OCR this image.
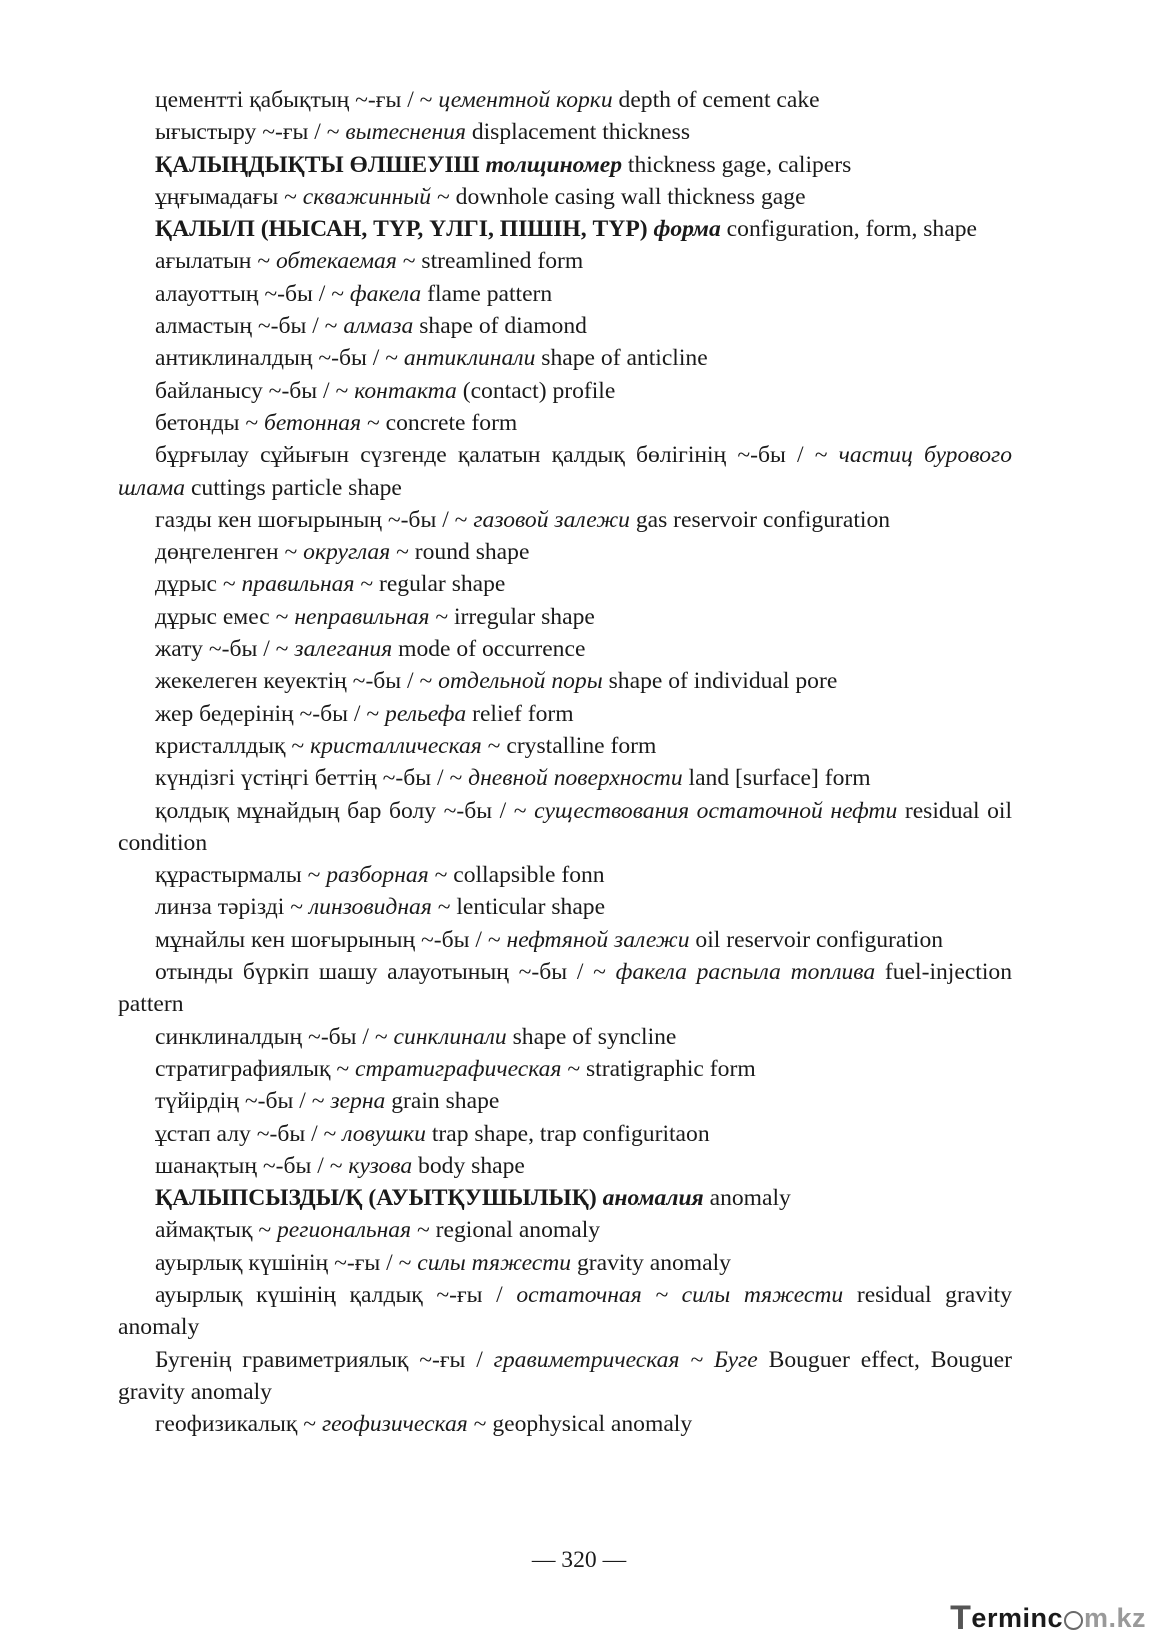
цементті қабықтың ~-ғы / ~ цементной корки depth of cement cake
ығыстыру ~-ғы / ~ вытеснения displacement thickness
ҚАЛЫҢДЫҚТЫ ӨЛШЕУІШ толщиномер thickness gage, calipers
ұңғымадағы ~ скважинный ~ downhole casing wall thickness gage
ҚАЛЫ/П (НЫСАН, ТҮР, ҮЛГІ, ПІШІН, ТҮР) форма configuration, form, shape
ағылатын ~ обтекаемая ~ streamlined form
алауоттың ~-бы / ~ факела flame pattern
алмастың ~-бы / ~ алмаза shape of diamond
антиклиналдың ~-бы / ~ антиклинали shape of anticline
байланысу ~-бы / ~ контакта (contact) profile
бетонды ~ бетонная ~ concrete form
бұрғылау сұйығын сүзгенде қалатын қалдық бөлігінің ~-бы / ~ частиц бурового шлама cuttings particle shape
газды кен шоғырының ~-бы / ~ газовой залежи gas reservoir configuration
дөңгеленген ~ округлая ~ round shape
дұрыс ~ правильная ~ regular shape
дұрыс емес ~ неправильная ~ irregular shape
жату ~-бы / ~ залегания mode of occurrence
жекелеген кеуектің ~-бы / ~ отдельной поры shape of individual pore
жер бедерінің ~-бы / ~ рельефа relief form
кристаллдық ~ кристаллическая ~ crystalline form
күндізгі үстіңгі беттің ~-бы / ~ дневной поверхности land [surface] form
қолдық мұнайдың бар болу ~-бы / ~ существования остаточной нефти residual oil condition
құрастырмалы ~ разборная ~ collapsible fonn
линза тәрізді ~ линзовидная ~ lenticular shape
мұнайлы кен шоғырының ~-бы / ~ нефтяной залежи oil reservoir configuration
отынды бүркіп шашу алауотының ~-бы / ~ факела распыла топлива fuel-injection pattern
синклиналдың ~-бы / ~ синклинали shape of syncline
стратиграфиялық ~ стратиграфическая ~ stratigraphic form
түйірдің ~-бы / ~ зерна grain shape
ұстап алу ~-бы / ~ ловушки trap shape, trap configuritaon
шанақтың ~-бы / ~ кузова body shape
ҚАЛЫПСЫЗДЫ/Қ (АУЫТҚУШЫЛЫҚ) аномалия anomaly
аймақтық ~ региональная ~ regional anomaly
ауырлық күшінің ~-ғы / ~ силы тяжести gravity anomaly
ауырлық күшінің қалдық ~-ғы / остаточная ~ силы тяжести residual gravity anomaly
Бугенің гравиметриялық ~-ғы / гравиметрическая ~ Буге Bouguer effect, Bouguer gravity anomaly
геофизикалық ~ геофизическая ~ geophysical anomaly
— 320 —
T erminc m.kz
